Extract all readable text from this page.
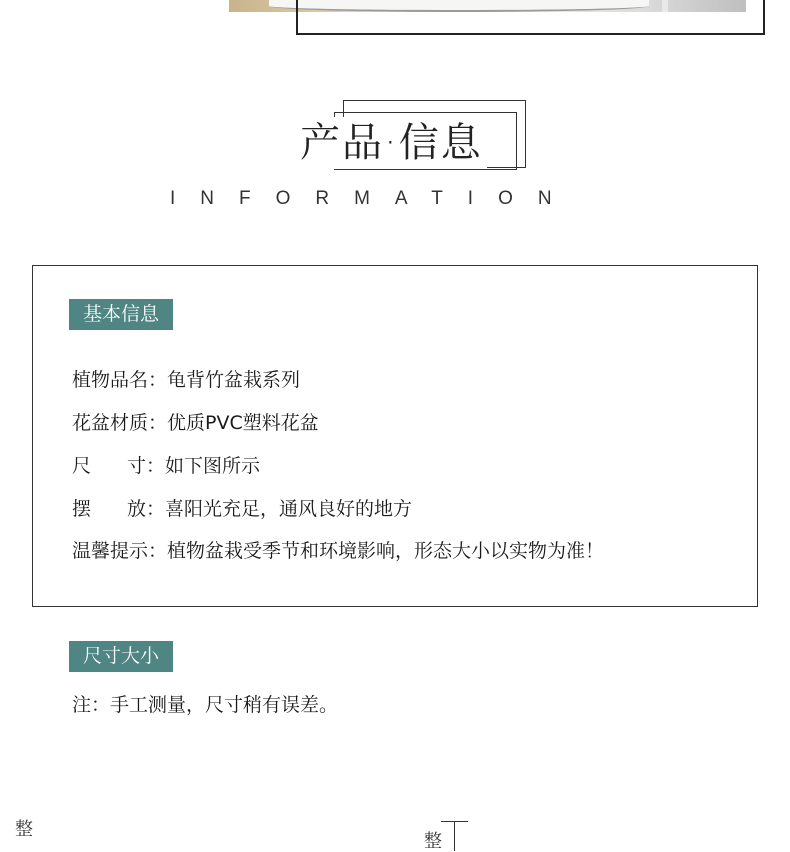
产品·信息
INFORMATION
基本信息
植物品名：龟背竹盆栽系列
花盆材质：优质PVC塑料花盆
尺 寸：如下图所示
摆 放：喜阳光充足，通风良好的地方
温馨提示：植物盆栽受季节和环境影响，形态大小以实物为准！
尺寸大小
注：手工测量，尺寸稍有误差。
整
整
